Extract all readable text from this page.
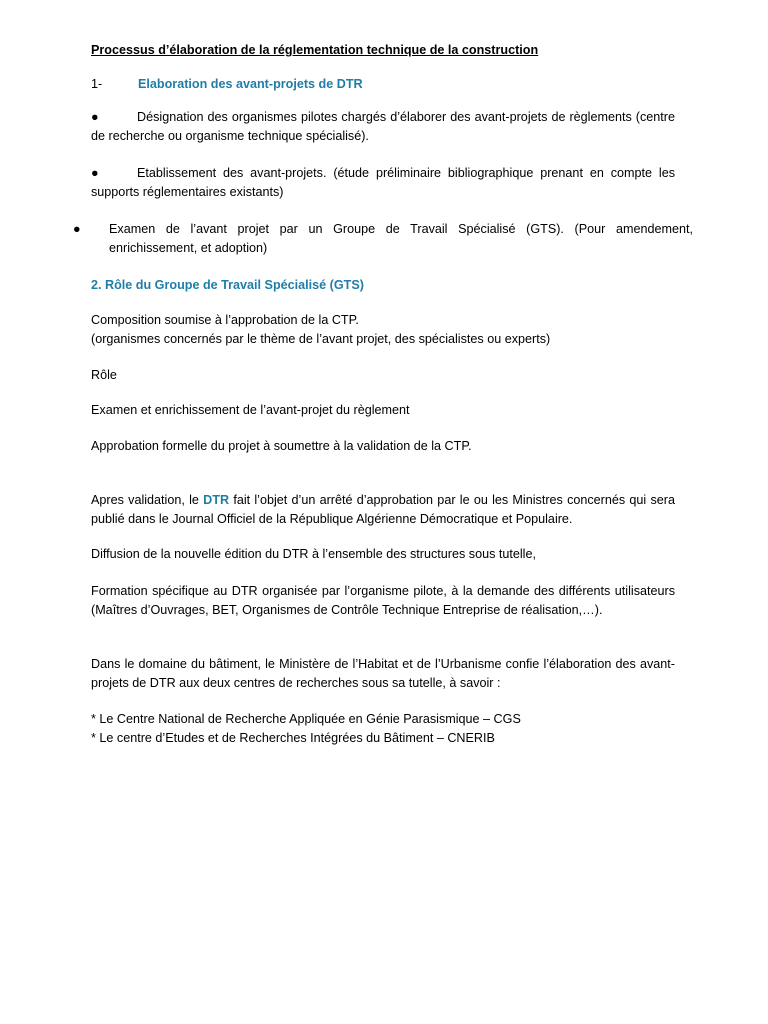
Processus d’élaboration de la réglementation technique de la construction

1-	Elaboration des avant-projets de DTR

●	Désignation des organismes pilotes chargés d’élaborer des avant-projets de règlements (centre de recherche ou organisme technique spécialisé).

●	Etablissement des avant-projets. (étude préliminaire bibliographique prenant en compte les supports réglementaires existants)

● Examen de l’avant projet par un Groupe de Travail Spécialisé (GTS). (Pour amendement, enrichissement, et adoption)

2. Rôle du Groupe de Travail Spécialisé (GTS)

Composition soumise à l’approbation de la CTP.
(organismes concernés par le thème de l’avant projet, des spécialistes ou experts)

Rôle

Examen et enrichissement de l’avant-projet du règlement

Approbation formelle du projet à soumettre à la validation de la CTP.

Apres validation, le DTR fait l’objet d’un arrêté d’approbation par le ou les Ministres concernés qui sera publié dans le Journal Officiel de la République Algérienne Démocratique et Populaire.

Diffusion de la nouvelle édition du DTR à l’ensemble des structures sous tutelle,

Formation spécifique au DTR organisée par l’organisme pilote, à la demande des différents utilisateurs (Maîtres d’Ouvrages, BET, Organismes de Contrôle Technique Entreprise de réalisation,…).

Dans le domaine du bâtiment, le Ministère de l’Habitat et de l’Urbanisme confie l’élaboration des avant-projets de DTR aux deux centres de recherches sous sa tutelle, à savoir :

* Le Centre National de Recherche Appliquée en Génie Parasismique – CGS
* Le centre d’Etudes et de Recherches Intégrées du Bâtiment – CNERIB
